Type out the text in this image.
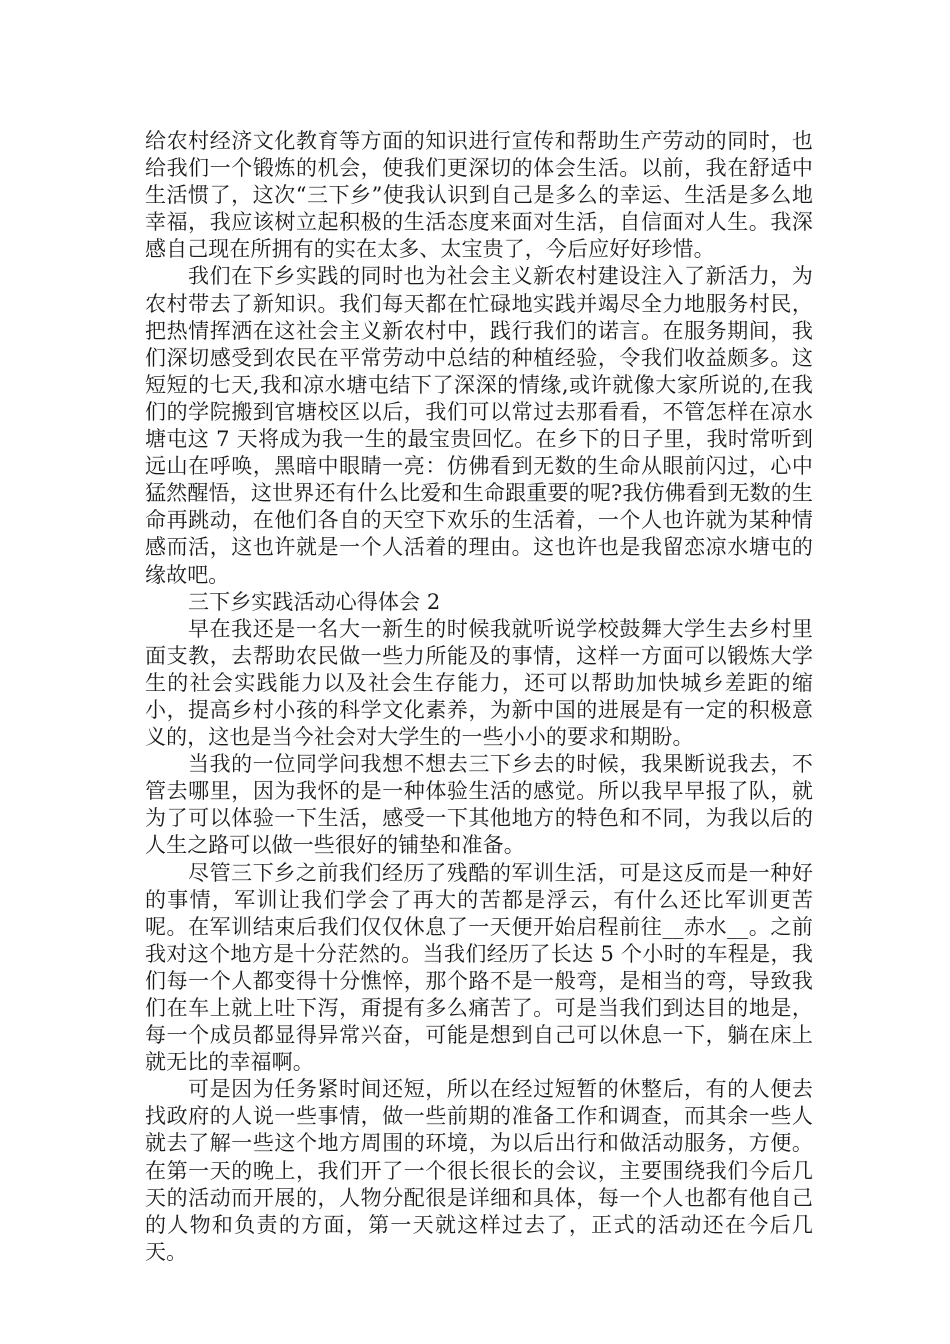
给农村经济文化教育等方面的知识进行宣传和帮助生产劳动的同时，也给我们一个锻炼的机会，使我们更深切的体会生活。以前，我在舒适中生活惯了，这次“三下乡”使我认识到自己是多么的幸运、生活是多么地幸福，我应该树立起积极的生活态度来面对生活，自信面对人生。我深感自己现在所拥有的实在太多、太宝贵了，今后应好好珍惜。

我们在下乡实践的同时也为社会主义新农村建设注入了新活力，为农村带去了新知识。我们每天都在忙碌地实践并竭尽全力地服务村民，把热情挥洒在这社会主义新农村中，践行我们的诺言。在服务期间，我们深切感受到农民在平常劳动中总结的种植经验，令我们收益颇多。这短短的七天,我和凉水塘屯结下了深深的情缘,或许就像大家所说的,在我们的学院搬到官塘校区以后，我们可以常过去那看看，不管怎样在凉水塘屯这 7 天将成为我一生的最宝贵回忆。在乡下的日子里，我时常听到远山在呼唤，黑暗中眼睛一亮：仿佛看到无数的生命从眼前闪过，心中猛然醒悟，这世界还有什么比爱和生命跟重要的呢?我仿佛看到无数的生命再跳动，在他们各自的天空下欢乐的生活着，一个人也许就为某种情感而活，这也许就是一个人活着的理由。这也许也是我留恋凉水塘屯的缘故吧。

三下乡实践活动心得体会 2

早在我还是一名大一新生的时候我就听说学校鼓舞大学生去乡村里面支教，去帮助农民做一些力所能及的事情，这样一方面可以锻炼大学生的社会实践能力以及社会生存能力，还可以帮助加快城乡差距的缩小，提高乡村小孩的科学文化素养，为新中国的进展是有一定的积极意义的，这也是当今社会对大学生的一些小小的要求和期盼。

当我的一位同学问我想不想去三下乡去的时候，我果断说我去，不管去哪里，因为我怀的是一种体验生活的感觉。所以我早早报了队，就为了可以体验一下生活，感受一下其他地方的特色和不同，为我以后的人生之路可以做一些很好的铺垫和准备。

尽管三下乡之前我们经历了残酷的军训生活，可是这反而是一种好的事情，军训让我们学会了再大的苦都是浮云，有什么还比军训更苦呢。在军训结束后我们仅仅休息了一天便开始启程前往__赤水__。之前我对这个地方是十分茫然的。当我们经历了长达 5 个小时的车程是，我们每一个人都变得十分憔悴，那个路不是一般弯，是相当的弯，导致我们在车上就上吐下泻，甭提有多么痛苦了。可是当我们到达目的地是，每一个成员都显得异常兴奋，可能是想到自己可以休息一下，躺在床上就无比的幸福啊。

可是因为任务紧时间还短，所以在经过短暂的休整后，有的人便去找政府的人说一些事情，做一些前期的准备工作和调查，而其余一些人就去了解一些这个地方周围的环境，为以后出行和做活动服务，方便。在第一天的晚上，我们开了一个很长很长的会议，主要围绕我们今后几天的活动而开展的，人物分配很是详细和具体，每一个人也都有他自己的人物和负责的方面，第一天就这样过去了，正式的活动还在今后几天。
